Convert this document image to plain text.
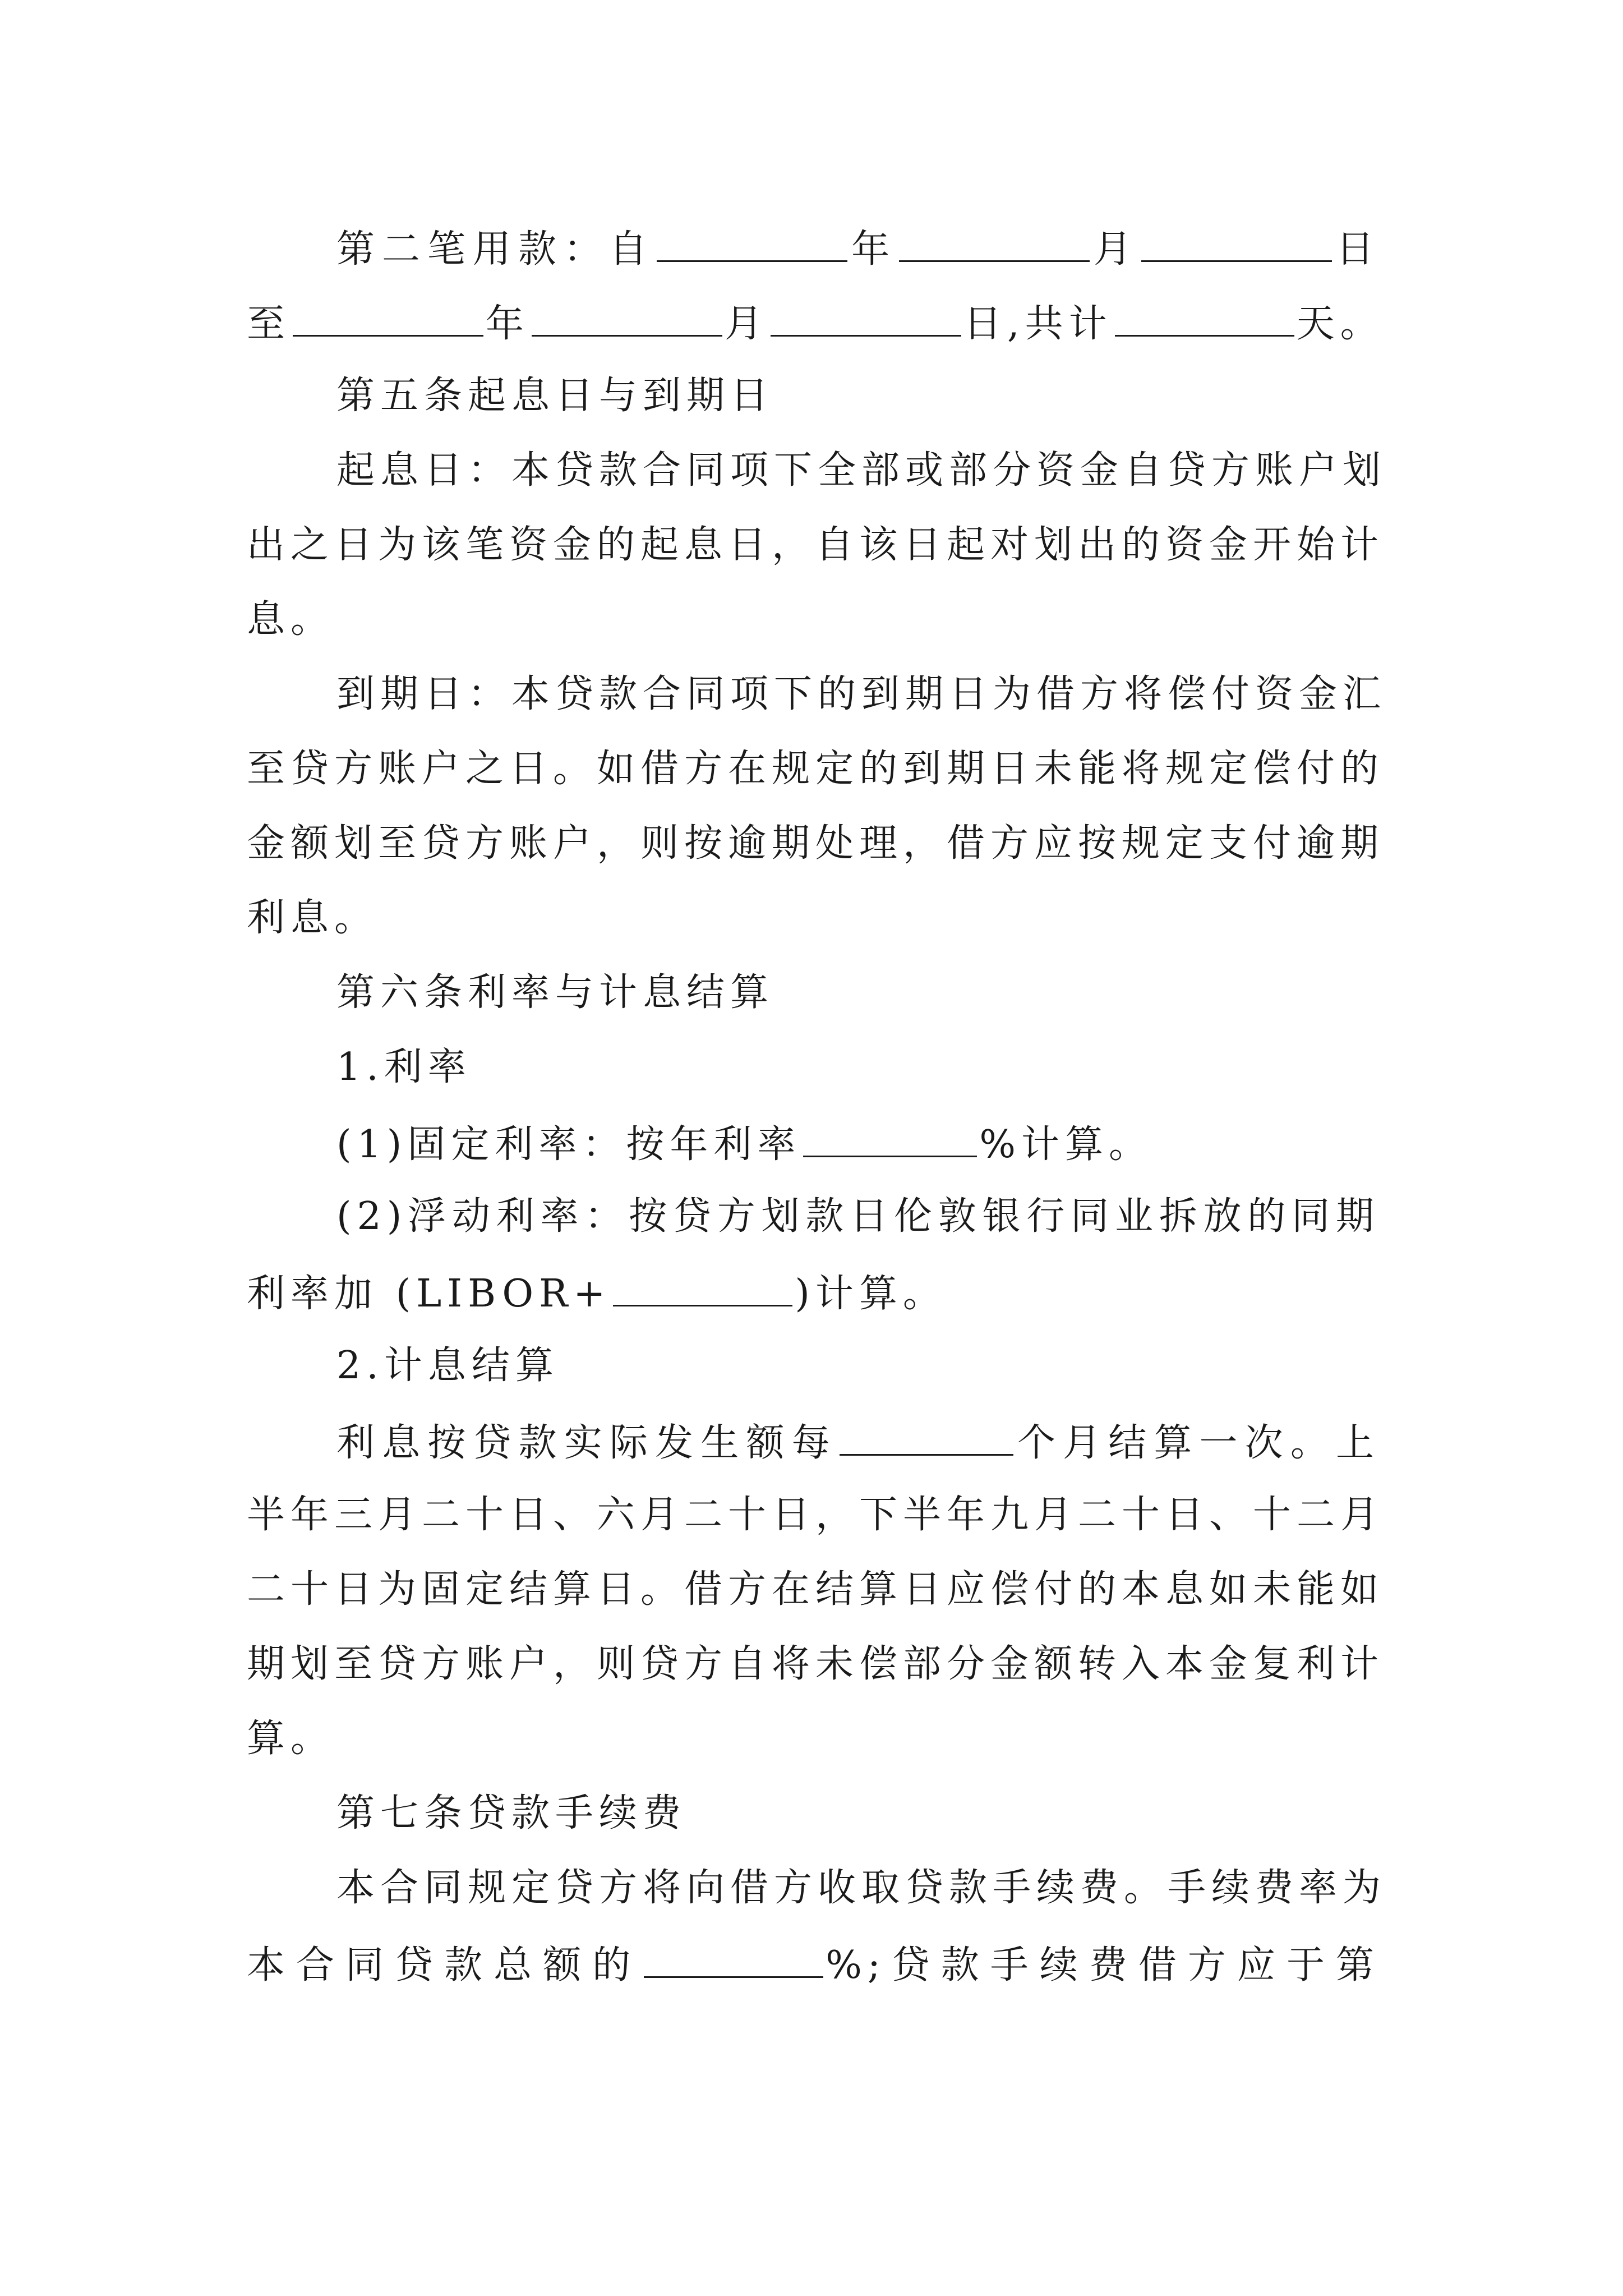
第二笔用款：自	年	月	日
至	年	月	日,共计	天。
第五条起息日与到期日
起息日：本贷款合同项下全部或部分资金自贷方账户划
出之日为该笔资金的起息日，自该日起对划出的资金开始计
息。
到期日：本贷款合同项下的到期日为借方将偿付资金汇
至贷方账户之日。如借方在规定的到期日未能将规定偿付的
金额划至贷方账户，则按逾期处理，借方应按规定支付逾期
利息。
第六条利率与计息结算
1.利率
(1)固定利率：按年利率	%计算。
(2)浮动利率：按贷方划款日伦敦银行同业拆放的同期
利率加 (LIBOR+	)计算。
2.计息结算
利息按贷款实际发生额每	个月结算一次。上
半年三月二十日、六月二十日，下半年九月二十日、十二月
二十日为固定结算日。借方在结算日应偿付的本息如未能如
期划至贷方账户，则贷方自将未偿部分金额转入本金复利计
算。
第七条贷款手续费
本合同规定贷方将向借方收取贷款手续费。手续费率为
本合同贷款总额的	%;贷款手续费借方应于第
